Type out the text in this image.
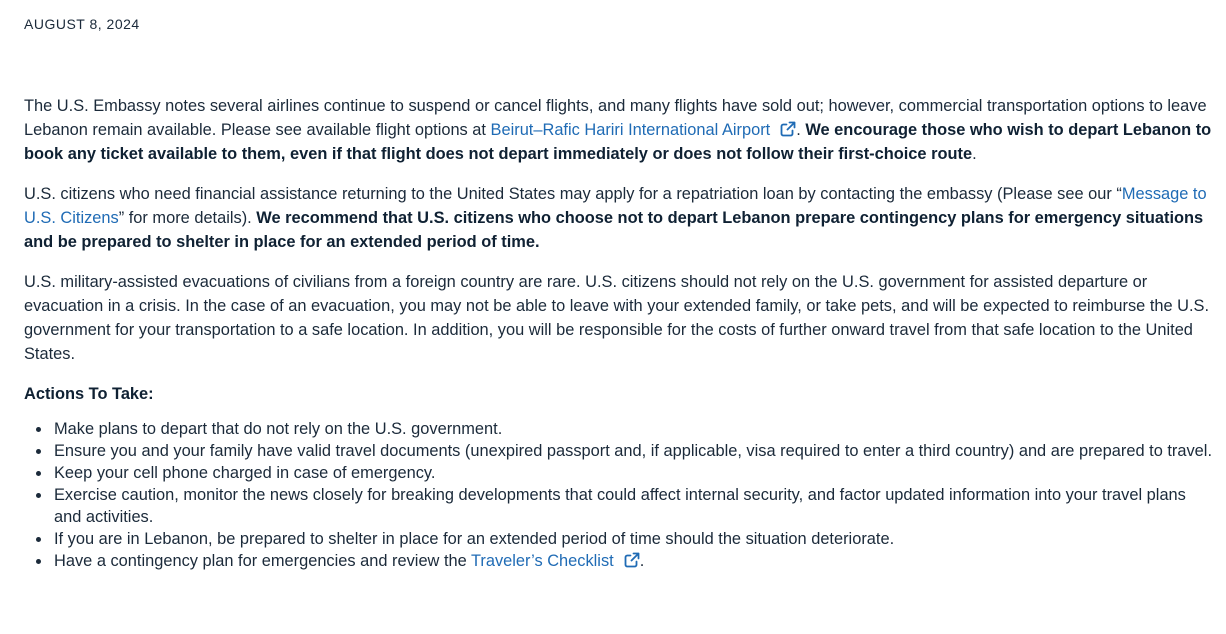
AUGUST 8, 2024

The U.S. Embassy notes several airlines continue to suspend or cancel flights, and many flights have sold out; however, commercial transportation options to leave Lebanon remain available. Please see available flight options at Beirut–Rafic Hariri International Airport . We encourage those who wish to depart Lebanon to book any ticket available to them, even if that flight does not depart immediately or does not follow their first-choice route.

U.S. citizens who need financial assistance returning to the United States may apply for a repatriation loan by contacting the embassy (Please see our “Message to U.S. Citizens” for more details). We recommend that U.S. citizens who choose not to depart Lebanon prepare contingency plans for emergency situations and be prepared to shelter in place for an extended period of time.

U.S. military-assisted evacuations of civilians from a foreign country are rare. U.S. citizens should not rely on the U.S. government for assisted departure or evacuation in a crisis. In the case of an evacuation, you may not be able to leave with your extended family, or take pets, and will be expected to reimburse the U.S. government for your transportation to a safe location. In addition, you will be responsible for the costs of further onward travel from that safe location to the United States.

Actions To Take:
Make plans to depart that do not rely on the U.S. government.
Ensure you and your family have valid travel documents (unexpired passport and, if applicable, visa required to enter a third country) and are prepared to travel.
Keep your cell phone charged in case of emergency.
Exercise caution, monitor the news closely for breaking developments that could affect internal security, and factor updated information into your travel plans and activities.
If you are in Lebanon, be prepared to shelter in place for an extended period of time should the situation deteriorate.
Have a contingency plan for emergencies and review the Traveler’s Checklist .
